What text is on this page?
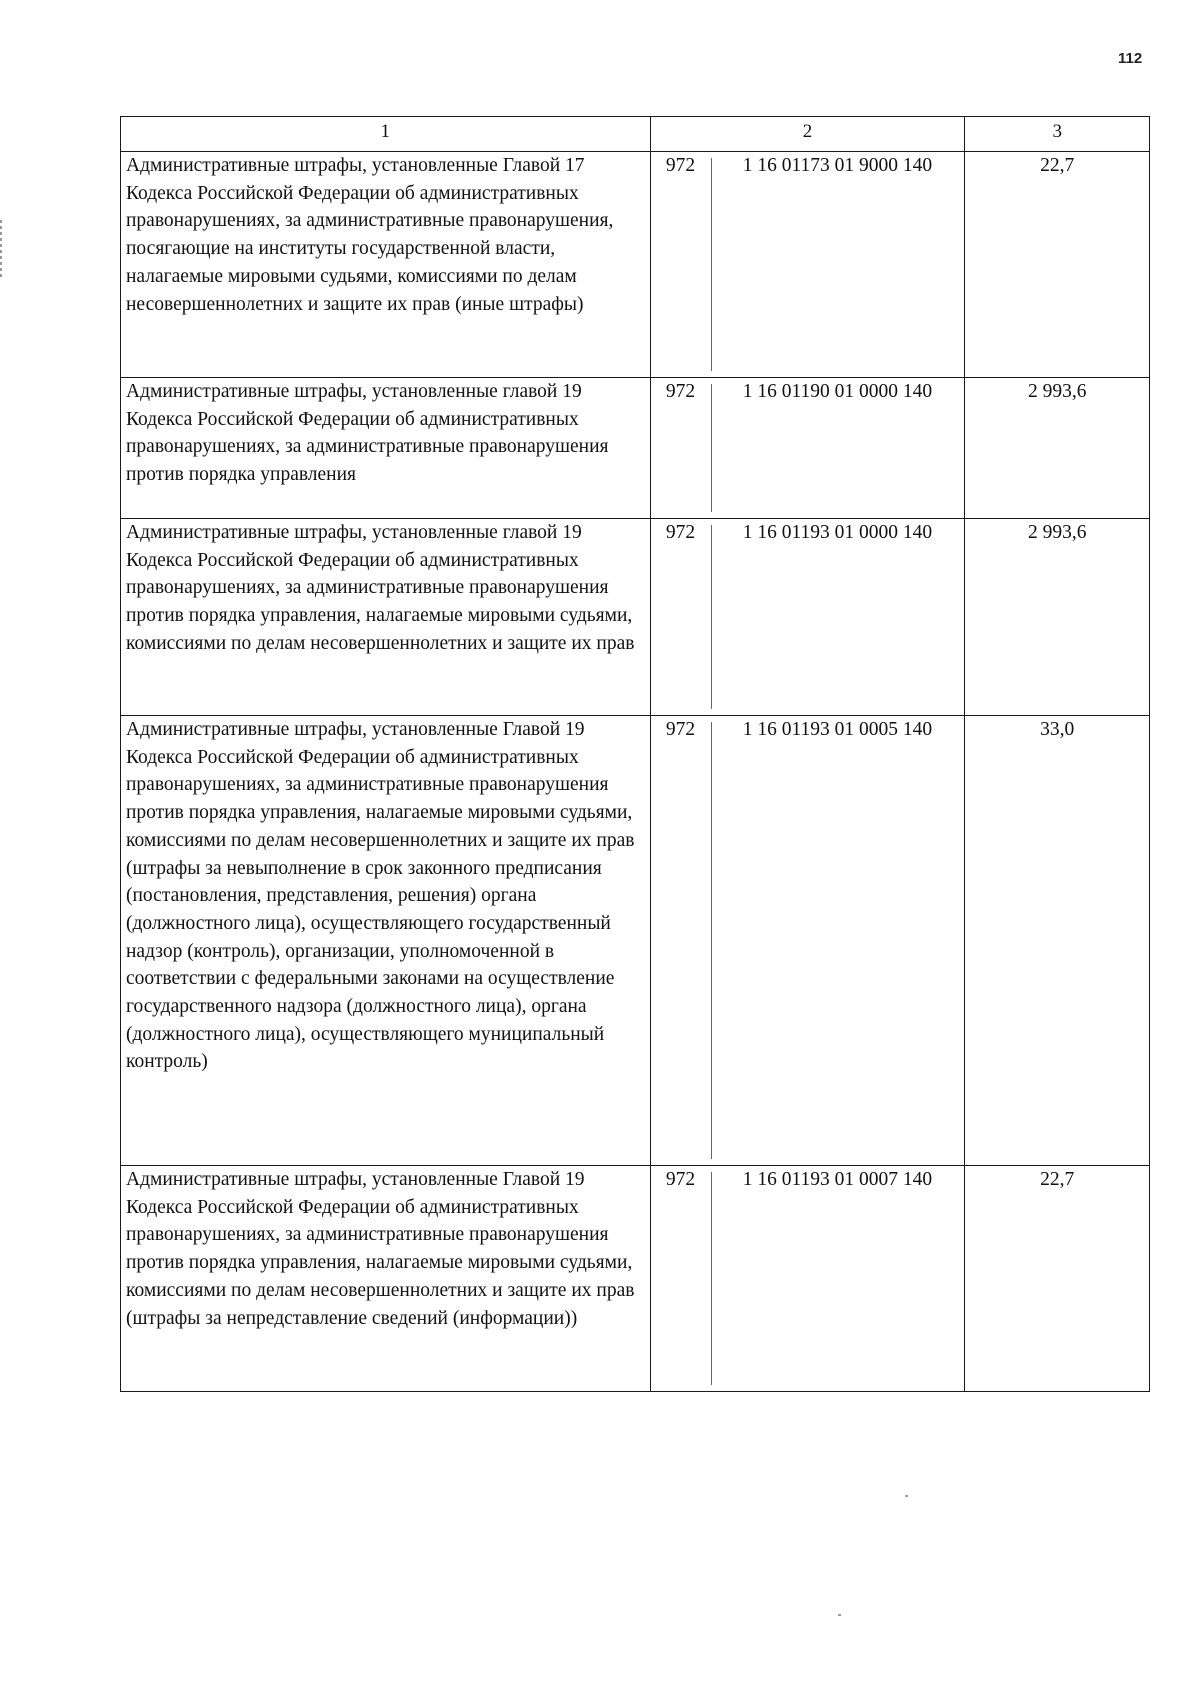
112
1	2	3

Административные штрафы, установленные Главой 17 Кодекса Российской Федерации об административных правонарушениях, за административные правонарушения, посягающие на институты государственной власти, налагаемые мировыми судьями, комиссиями по делам несовершеннолетних и защите их прав (иные штрафы)	972 1 16 01173 01 9000 140	22,7

Административные штрафы, установленные главой 19 Кодекса Российской Федерации об административных правонарушениях, за административные правонарушения против порядка управления	972 1 16 01190 01 0000 140	2 993,6

Административные штрафы, установленные главой 19 Кодекса Российской Федерации об административных правонарушениях, за административные правонарушения против порядка управления, налагаемые мировыми судьями, комиссиями по делам несовершеннолетних и защите их прав	972 1 16 01193 01 0000 140	2 993,6

Административные штрафы, установленные Главой 19 Кодекса Российской Федерации об административных правонарушениях, за административные правонарушения против порядка управления, налагаемые мировыми судьями, комиссиями по делам несовершеннолетних и защите их прав (штрафы за невыполнение в срок законного предписания (постановления, представления, решения) органа (должностного лица), осуществляющего государственный надзор (контроль), организации, уполномоченной в соответствии с федеральными законами на осуществление государственного надзора (должностного лица), органа (должностного лица), осуществляющего муниципальный контроль)	972 1 16 01193 01 0005 140	33,0

Административные штрафы, установленные Главой 19 Кодекса Российской Федерации об административных правонарушениях, за административные правонарушения против порядка управления, налагаемые мировыми судьями, комиссиями по делам несовершеннолетних и защите их прав (штрафы за непредставление сведений (информации))	972 1 16 01193 01 0007 140	22,7
